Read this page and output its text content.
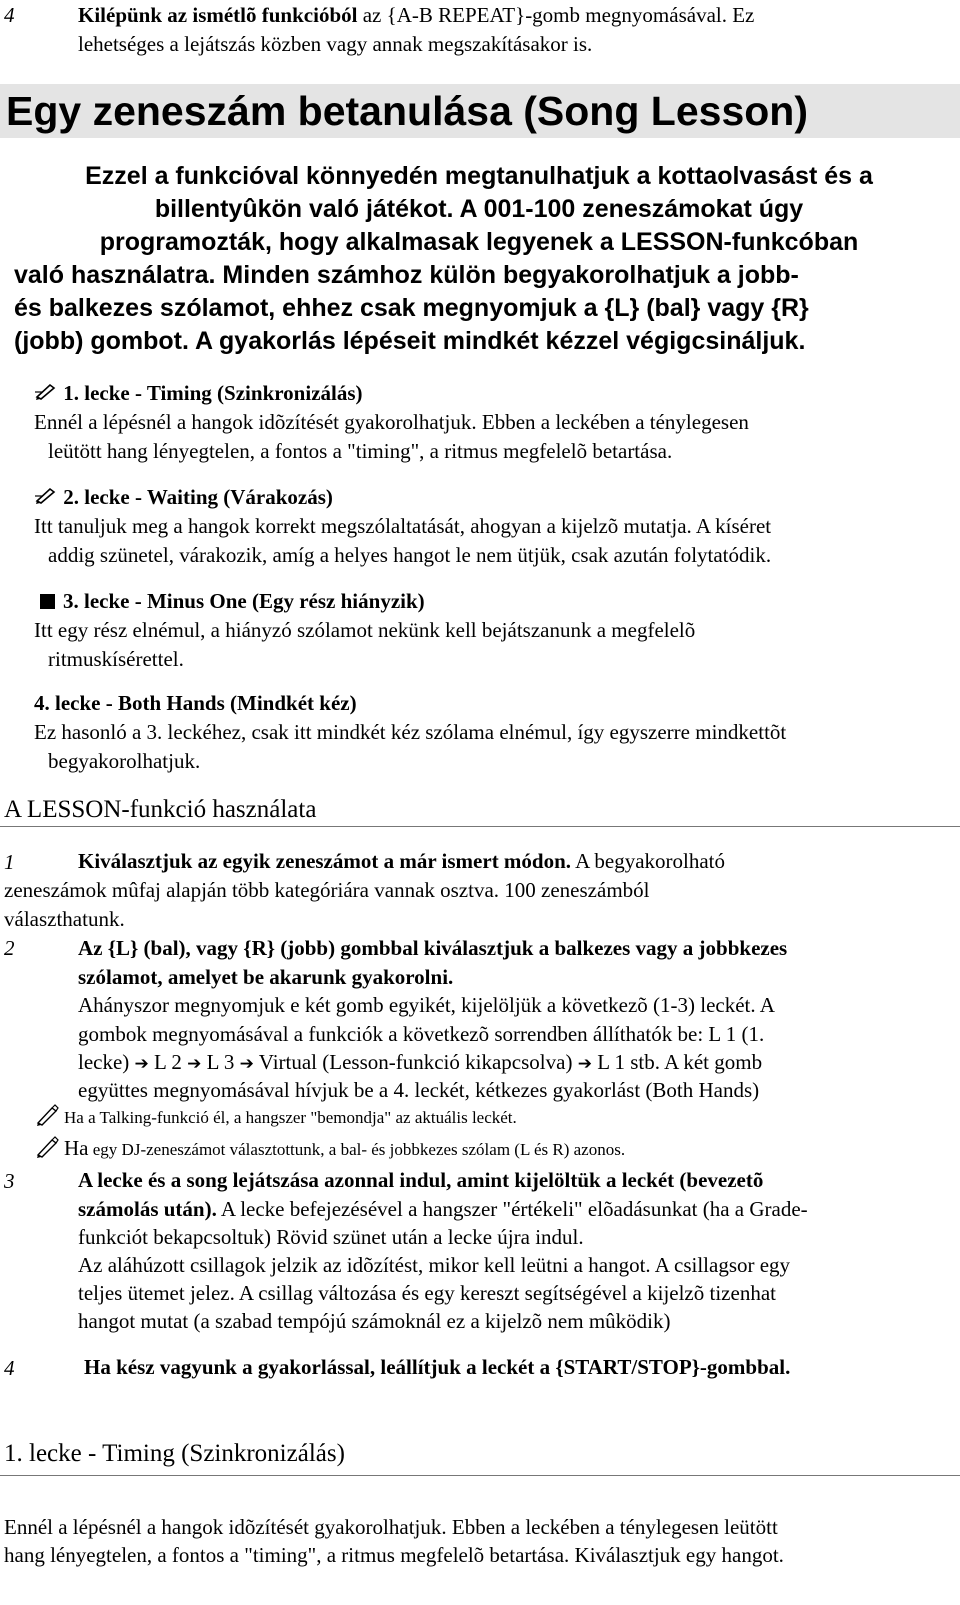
4	Kilépünk az ismétlõ funkcióból az {A-B REPEAT}-gomb megnyomásával. Ez
lehetséges a lejátszás közben vagy annak megszakításakor is.
Egy zeneszám betanulása (Song Lesson)
Ezzel a funkcióval könnyedén megtanulhatjuk a kottaolvasást és a
billentyûkön való játékot. A 001-100 zeneszámokat úgy
programozták, hogy alkalmasak legyenek a LESSON-funkcóban
való használatra. Minden számhoz külön begyakorolhatjuk a jobb-
és balkezes szólamot, ehhez csak megnyomjuk a {L} (bal} vagy {R}
(jobb) gombot. A gyakorlás lépéseit mindkét kézzel végigcsináljuk.
1. lecke - Timing (Szinkronizálás)
Ennél a lépésnél a hangok idõzítését gyakorolhatjuk. Ebben a leckében a ténylegesen
leütött hang lényegtelen, a fontos a "timing", a ritmus megfelelõ betartása.
2. lecke - Waiting (Várakozás)
Itt tanuljuk meg a hangok korrekt megszólaltatását, ahogyan a kijelzõ mutatja. A kíséret
addig szünetel, várakozik, amíg a helyes hangot le nem ütjük, csak azután folytatódik.
3. lecke - Minus One (Egy rész hiányzik)
Itt egy rész elnémul, a hiányzó szólamot nekünk kell bejátszanunk a megfelelõ
ritmuskísérettel.
4. lecke - Both Hands (Mindkét kéz)
Ez hasonló a 3. leckéhez, csak itt mindkét kéz szólama elnémul, így egyszerre mindkettõt
begyakorolhatjuk.
A LESSON-funkció használata
1	Kiválasztjuk az egyik zeneszámot a már ismert módon. A begyakorolható
zeneszámok mûfaj alapján több kategóriára vannak osztva. 100 zeneszámból
választhatunk.
2	Az {L} (bal), vagy {R} (jobb) gombbal kiválasztjuk a balkezes vagy a jobbkezes
szólamot, amelyet be akarunk gyakorolni.
Ahányszor megnyomjuk e két gomb egyikét, kijelöljük a következõ (1-3) leckét. A
gombok megnyomásával a funkciók a következõ sorrendben állíthatók be: L 1 (1.
lecke) ➔ L 2 ➔ L 3 ➔ Virtual (Lesson-funkció kikapcsolva) ➔ L 1 stb. A két gomb
együttes megnyomásával hívjuk be a 4. leckét, kétkezes gyakorlást (Both Hands)
Ha a Talking-funkció él, a hangszer "bemondja" az aktuális leckét.
Ha egy DJ-zeneszámot választottunk, a bal- és jobbkezes szólam (L és R) azonos.
3	A lecke és a song lejátszása azonnal indul, amint kijelöltük a leckét (bevezetõ
számolás után). A lecke befejezésével a hangszer "értékeli" elõadásunkat (ha a Grade-
funkciót bekapcsoltuk) Rövid szünet után a lecke újra indul.
Az aláhúzott csillagok jelzik az idõzítést, mikor kell leütni a hangot. A csillagsor egy
teljes ütemet jelez. A csillag változása és egy kereszt segítségével a kijelzõ tizenhat
hangot mutat (a szabad tempójú számoknál ez a kijelzõ nem mûködik)
4	Ha kész vagyunk a gyakorlással, leállítjuk a leckét a {START/STOP}-gombbal.
1. lecke - Timing (Szinkronizálás)
Ennél a lépésnél a hangok idõzítését gyakorolhatjuk. Ebben a leckében a ténylegesen leütött
hang lényegtelen, a fontos a "timing", a ritmus megfelelõ betartása. Kiválasztjuk egy hangot.
